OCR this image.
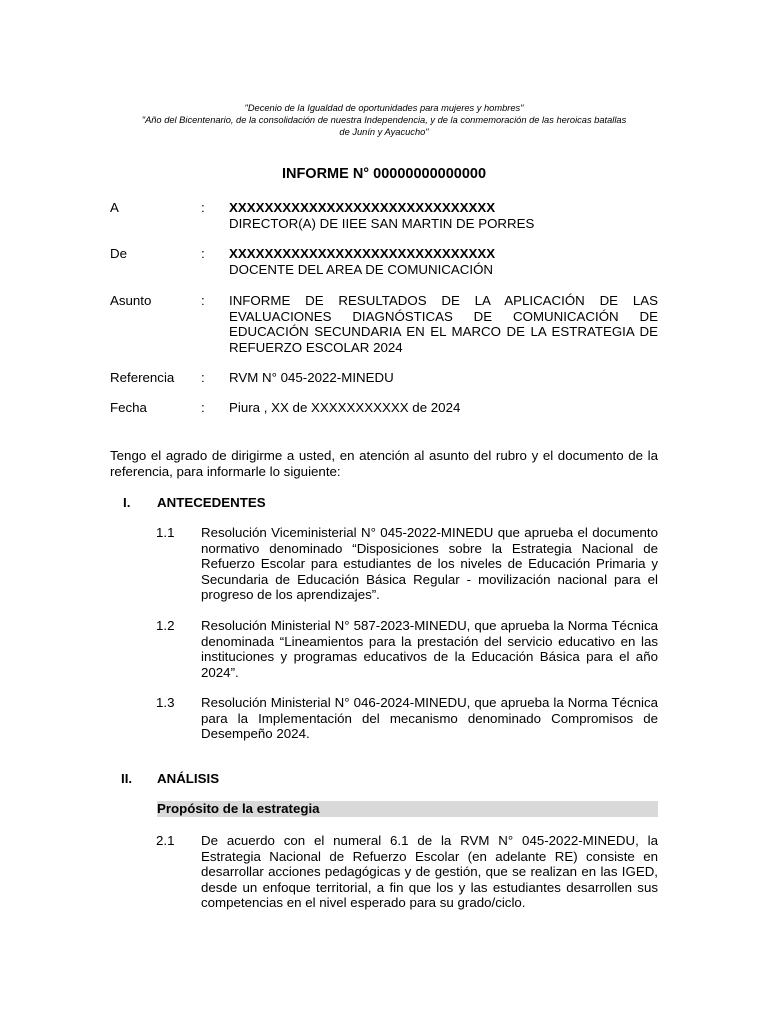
"Decenio de la Igualdad de oportunidades para mujeres y hombres"
"Año del Bicentenario, de la consolidación de nuestra Independencia, y de la conmemoración de las heroicas batallas
de Junín y Ayacucho"
INFORME N° 00000000000000
A	: XXXXXXXXXXXXXXXXXXXXXXXXXXXXXX
DIRECTOR(A) DE IIEE SAN MARTIN DE PORRES
De	: XXXXXXXXXXXXXXXXXXXXXXXXXXXXXX
DOCENTE DEL AREA DE COMUNICACIÓN
Asunto	: INFORME DE RESULTADOS DE LA APLICACIÓN DE LAS EVALUACIONES DIAGNÓSTICAS DE COMUNICACIÓN DE EDUCACIÓN SECUNDARIA EN EL MARCO DE LA ESTRATEGIA DE REFUERZO ESCOLAR 2024
Referencia : RVM N° 045-2022-MINEDU
Fecha	: Piura , XX de XXXXXXXXXXX de 2024
Tengo el agrado de dirigirme a usted, en atención al asunto del rubro y el documento de la referencia, para informarle lo siguiente:
I. ANTECEDENTES
1.1 Resolución Viceministerial N° 045-2022-MINEDU que aprueba el documento normativo denominado “Disposiciones sobre la Estrategia Nacional de Refuerzo Escolar para estudiantes de los niveles de Educación Primaria y Secundaria de Educación Básica Regular - movilización nacional para el progreso de los aprendizajes”.
1.2 Resolución Ministerial N° 587-2023-MINEDU, que aprueba la Norma Técnica denominada “Lineamientos para la prestación del servicio educativo en las instituciones y programas educativos de la Educación Básica para el año 2024”.
1.3 Resolución Ministerial N° 046-2024-MINEDU, que aprueba la Norma Técnica para la Implementación del mecanismo denominado Compromisos de Desempeño 2024.
II. ANÁLISIS
Propósito de la estrategia
2.1 De acuerdo con el numeral 6.1 de la RVM N° 045-2022-MINEDU, la Estrategia Nacional de Refuerzo Escolar (en adelante RE) consiste en desarrollar acciones pedagógicas y de gestión, que se realizan en las IGED, desde un enfoque territorial, a fin que los y las estudiantes desarrollen sus competencias en el nivel esperado para su grado/ciclo.
